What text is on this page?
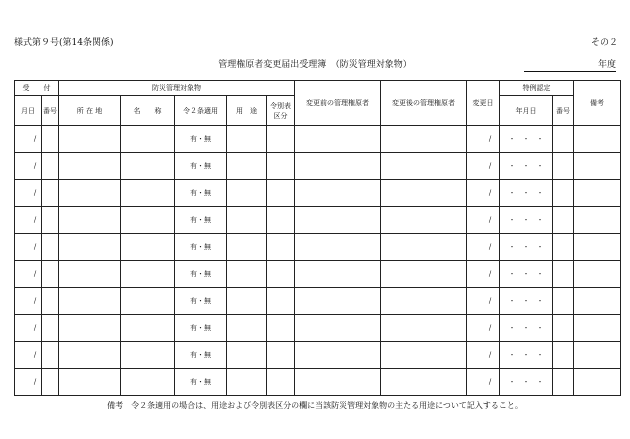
様式第９号(第14条関係)	その２
管理権原者変更届出受理簿　（防災管理対象物）	年度
受　　付		防災管理対象物					変更前の管理権原者	変更後の管理権原者	変更日	特例認定		備考
月日	番号	所 在 地	名　　称	令２条適用	用　途	令別表区分				年月日	番号	
/				有・無					/	・　・　・		
/				有・無					/	・　・　・		
/				有・無					/	・　・　・		
/				有・無					/	・　・　・		
/				有・無					/	・　・　・		
/				有・無					/	・　・　・		
/				有・無					/	・　・　・		
/				有・無					/	・　・　・		
/				有・無					/	・　・　・		
/				有・無					/	・　・　・		
備考　令２条適用の場合は、用途および令別表区分の欄に当該防災管理対象物の主たる用途について記入すること。
